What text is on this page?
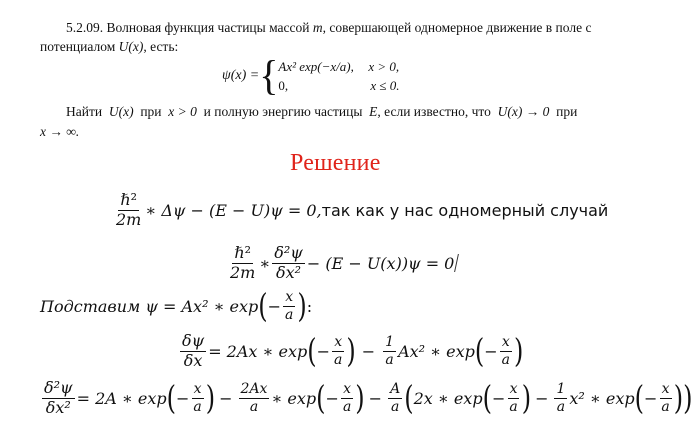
5.2.09. Волновая функция частицы массой m, совершающей одномерное движение в поле с
потенциалом U(x), есть:
ψ(x) = { Ax² exp(−x/a),	x > 0,
0,	x ≤ 0.
Найти U(x) при x > 0 и полную энергию частицы E, если известно, что U(x) → 0 при
x → ∞.
Решение
$\frac{\text{ℏ²}}{2m}$ ∗ Δψ − (E − U)ψ = 0, так как у нас одномерный случай
$\frac{\text{ℏ²}}{2m}$ ∗ $\frac{\text{δ²ψ}}{\text{δx²}} - (E - U(x))\psi = 0$
Подставим ψ = Ax² ∗ exp ( − $\frac{x}{a}$ ) :
$\frac{\delta\psi}{\delta x} = 2Ax$ ∗ exp ( − $\frac{x}{a}$ ) − $\frac{1}{a} Ax^2$ ∗ exp ( − $\frac{x}{a}$ )
$\frac{\text{δ²ψ}}{\text{δx²}} = 2A$ ∗ exp ( − $\frac{x}{a}$ ) − $\frac{2Ax}{a}$ ∗ exp ( − $\frac{x}{a}$ ) − $\frac{A}{a}$ ( 2x ∗ exp ( − $\frac{x}{a}$ ) − $\frac{1}{a} x^2$ ∗ exp ( − $\frac{x}{a}$ ) )
